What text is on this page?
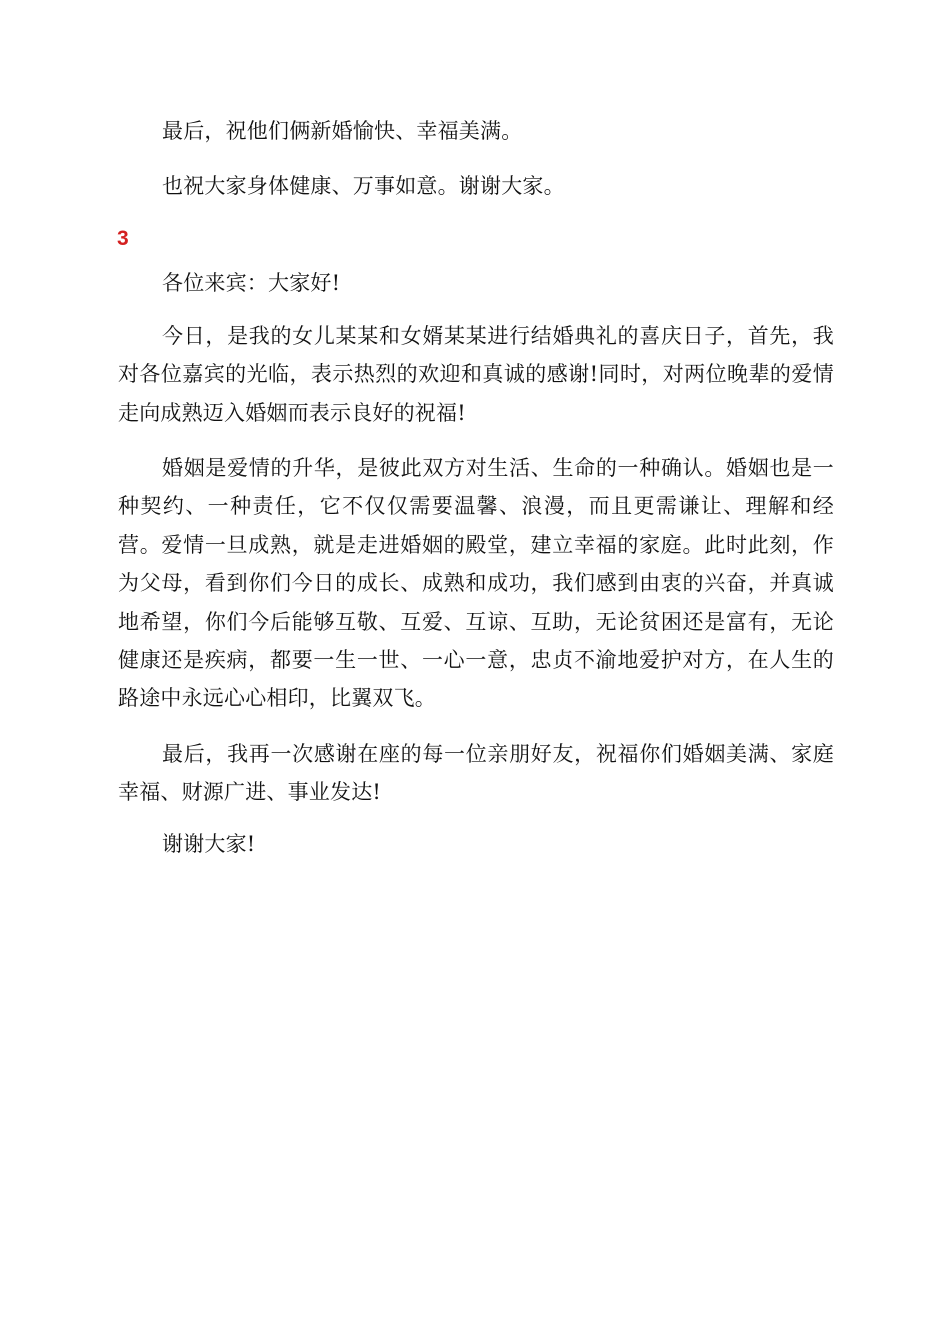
最后，祝他们俩新婚愉快、幸福美满。

也祝大家身体健康、万事如意。谢谢大家。

3

各位来宾：大家好!

今日，是我的女儿某某和女婿某某进行结婚典礼的喜庆日子，首先，我对各位嘉宾的光临，表示热烈的欢迎和真诚的感谢!同时，对两位晚辈的爱情走向成熟迈入婚姻而表示良好的祝福!

婚姻是爱情的升华，是彼此双方对生活、生命的一种确认。婚姻也是一种契约、一种责任，它不仅仅需要温馨、浪漫，而且更需谦让、理解和经营。爱情一旦成熟，就是走进婚姻的殿堂，建立幸福的家庭。此时此刻，作为父母，看到你们今日的成长、成熟和成功，我们感到由衷的兴奋，并真诚地希望，你们今后能够互敬、互爱、互谅、互助，无论贫困还是富有，无论健康还是疾病，都要一生一世、一心一意，忠贞不渝地爱护对方，在人生的路途中永远心心相印，比翼双飞。

最后，我再一次感谢在座的每一位亲朋好友，祝福你们婚姻美满、家庭幸福、财源广进、事业发达!

谢谢大家!
